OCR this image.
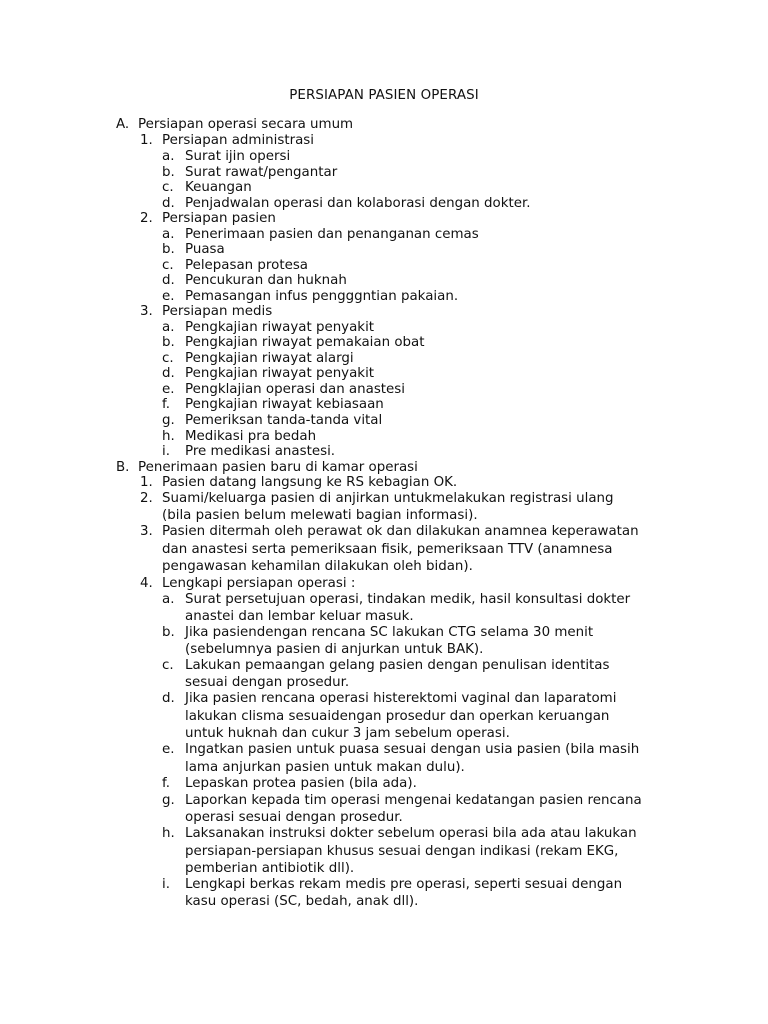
PERSIAPAN PASIEN OPERASI
A. Persiapan operasi secara umum
1. Persiapan administrasi
a. Surat ijin opersi
b. Surat rawat/pengantar
c. Keuangan
d. Penjadwalan operasi dan kolaborasi dengan dokter.
2. Persiapan pasien
a. Penerimaan pasien dan penanganan cemas
b. Puasa
c. Pelepasan protesa
d. Pencukuran dan huknah
e. Pemasangan infus pengggntian pakaian.
3. Persiapan medis
a. Pengkajian riwayat penyakit
b. Pengkajian riwayat pemakaian obat
c. Pengkajian riwayat alargi
d. Pengkajian riwayat penyakit
e. Pengklajian operasi dan anastesi
f. Pengkajian riwayat kebiasaan
g. Pemeriksan tanda-tanda vital
h. Medikasi pra bedah
i. Pre medikasi anastesi.
B. Penerimaan pasien baru di kamar operasi
1. Pasien datang langsung ke RS kebagian OK.
2. Suami/keluarga pasien di anjirkan untukmelakukan registrasi ulang
(bila pasien belum melewati bagian informasi).
3. Pasien ditermah oleh perawat ok dan dilakukan anamnea keperawatan
dan anastesi serta pemeriksaan fisik, pemeriksaan TTV (anamnesa
pengawasan kehamilan dilakukan oleh bidan).
4. Lengkapi persiapan operasi :
a. Surat persetujuan operasi, tindakan medik, hasil konsultasi dokter
anastei dan lembar keluar masuk.
b. Jika pasiendengan rencana SC lakukan CTG selama 30 menit
(sebelumnya pasien di anjurkan untuk BAK).
c. Lakukan pemaangan gelang pasien dengan penulisan identitas
sesuai dengan prosedur.
d. Jika pasien rencana operasi histerektomi vaginal dan laparatomi
lakukan clisma sesuaidengan prosedur dan operkan keruangan
untuk huknah dan cukur 3 jam sebelum operasi.
e. Ingatkan pasien untuk puasa sesuai dengan usia pasien (bila masih
lama anjurkan pasien untuk makan dulu).
f. Lepaskan protea pasien (bila ada).
g. Laporkan kepada tim operasi mengenai kedatangan pasien rencana
operasi sesuai dengan prosedur.
h. Laksanakan instruksi dokter sebelum operasi bila ada atau lakukan
persiapan-persiapan khusus sesuai dengan indikasi (rekam EKG,
pemberian antibiotik dll).
i. Lengkapi berkas rekam medis pre operasi, seperti sesuai dengan
kasu operasi (SC, bedah, anak dll).
